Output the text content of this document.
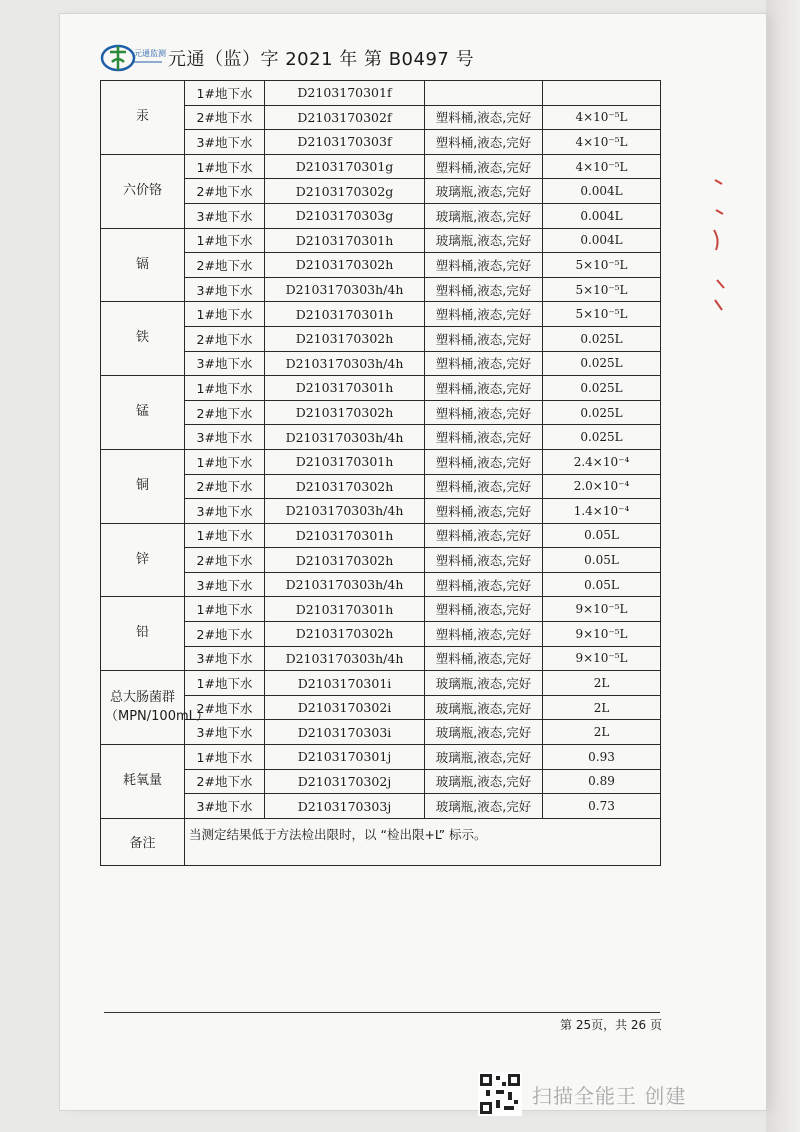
元通监测 元通（监）字 2021 年 第 B0497 号
汞	1#地下水	D2103170301f		
	2#地下水	D2103170302f	塑料桶,液态,完好	4×10⁻⁵L
	3#地下水	D2103170303f	塑料桶,液态,完好	4×10⁻⁵L
六价铬	1#地下水	D2103170301g	塑料桶,液态,完好	4×10⁻⁵L
	2#地下水	D2103170302g	玻璃瓶,液态,完好	0.004L
	3#地下水	D2103170303g	玻璃瓶,液态,完好	0.004L
镉	1#地下水	D2103170301h	玻璃瓶,液态,完好	0.004L
	2#地下水	D2103170302h	塑料桶,液态,完好	5×10⁻⁵L
	3#地下水	D2103170303h/4h	塑料桶,液态,完好	5×10⁻⁵L
铁	1#地下水	D2103170301h	塑料桶,液态,完好	5×10⁻⁵L
	2#地下水	D2103170302h	塑料桶,液态,完好	0.025L
	3#地下水	D2103170303h/4h	塑料桶,液态,完好	0.025L
锰	1#地下水	D2103170301h	塑料桶,液态,完好	0.025L
	2#地下水	D2103170302h	塑料桶,液态,完好	0.025L
	3#地下水	D2103170303h/4h	塑料桶,液态,完好	0.025L
铜	1#地下水	D2103170301h	塑料桶,液态,完好	2.4×10⁻⁴
	2#地下水	D2103170302h	塑料桶,液态,完好	2.0×10⁻⁴
	3#地下水	D2103170303h/4h	塑料桶,液态,完好	1.4×10⁻⁴
锌	1#地下水	D2103170301h	塑料桶,液态,完好	0.05L
	2#地下水	D2103170302h	塑料桶,液态,完好	0.05L
	3#地下水	D2103170303h/4h	塑料桶,液态,完好	0.05L
铅	1#地下水	D2103170301h	塑料桶,液态,完好	9×10⁻⁵L
	2#地下水	D2103170302h	塑料桶,液态,完好	9×10⁻⁵L
	3#地下水	D2103170303h/4h	塑料桶,液态,完好	9×10⁻⁵L
总大肠菌群（MPN/100mL）	1#地下水	D2103170301i	玻璃瓶,液态,完好	2L
	2#地下水	D2103170302i	玻璃瓶,液态,完好	2L
	3#地下水	D2103170303i	玻璃瓶,液态,完好	2L
耗氧量	1#地下水	D2103170301j	玻璃瓶,液态,完好	0.93
	2#地下水	D2103170302j	玻璃瓶,液态,完好	0.89
	3#地下水	D2103170303j	玻璃瓶,液态,完好	0.73
备注	当测定结果低于方法检出限时，以 “检出限+L” 标示。			
第 25页，共 26 页
扫描全能王 创建
